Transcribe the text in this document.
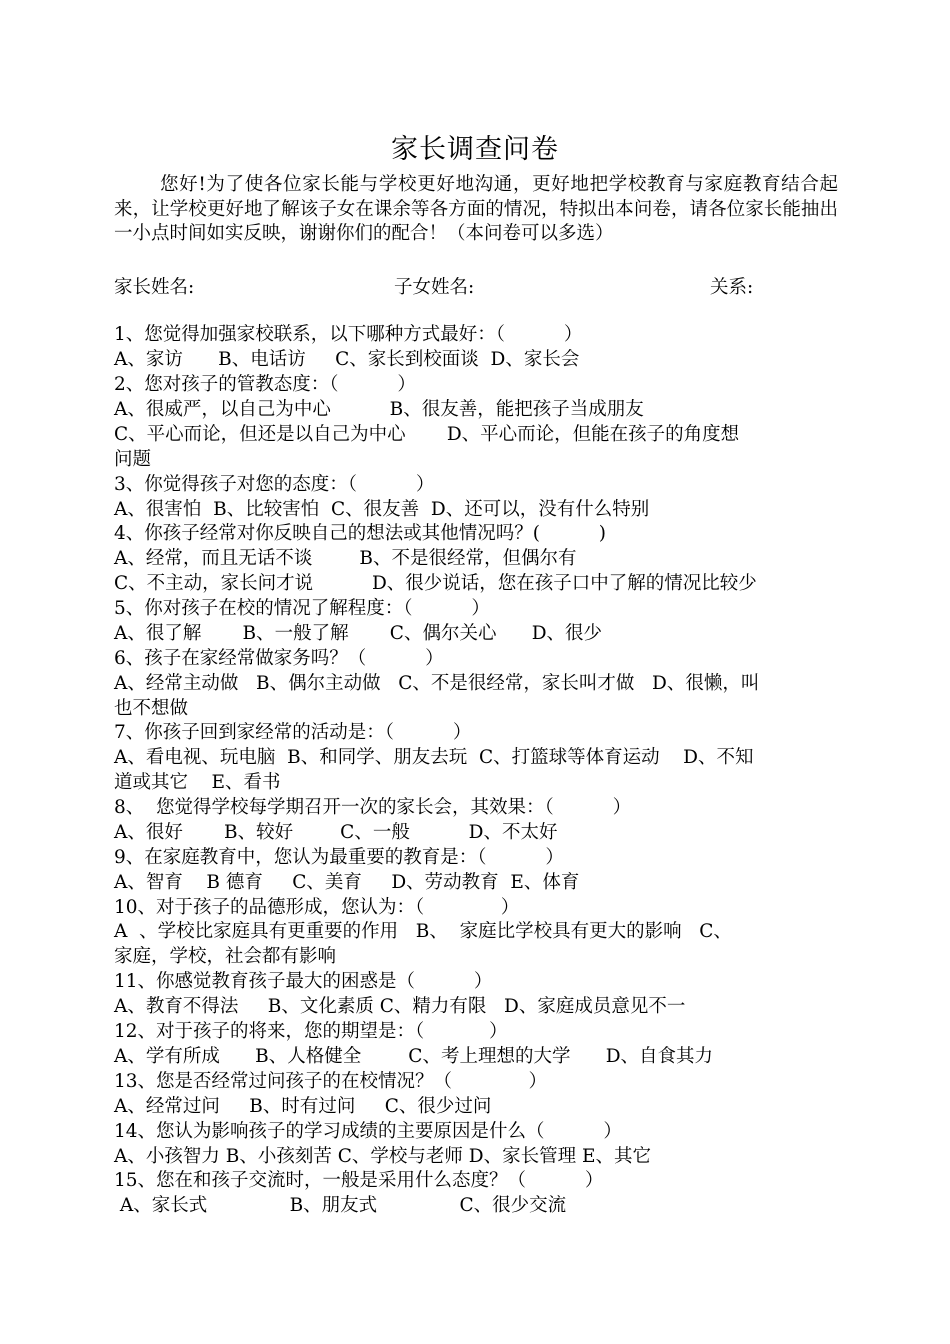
家长调查问卷
您好!为了使各位家长能与学校更好地沟通，更好地把学校教育与家庭教育结合起来，让学校更好地了解该子女在课余等各方面的情况，特拟出本问卷，请各位家长能抽出一小点时间如实反映，谢谢你们的配合！（本问卷可以多选）
家长姓名:	子女姓名:	关系:
1、您觉得加强家校联系，以下哪种方式最好：（          ）
A、家访      B、电话访     C、家长到校面谈  D、家长会
2、您对孩子的管教态度：（          ）
A、很威严，以自己为中心          B、很友善，能把孩子当成朋友
C、平心而论，但还是以自己为中心       D、平心而论，但能在孩子的角度想
问题
3、你觉得孩子对您的态度：（          ）
A、很害怕  B、比较害怕  C、很友善  D、还可以，没有什么特别
4、你孩子经常对你反映自己的想法或其他情况吗？(          )
A、经常，而且无话不谈        B、不是很经常，但偶尔有
C、不主动，家长问才说          D、很少说话，您在孩子口中了解的情况比较少
5、你对孩子在校的情况了解程度：（          ）
A、很了解       B、一般了解       C、偶尔关心      D、很少
6、孩子在家经常做家务吗？（          ）
A、经常主动做   B、偶尔主动做   C、不是很经常，家长叫才做   D、很懒，叫
也不想做
7、你孩子回到家经常的活动是：（          ）
A、看电视、玩电脑  B、和同学、朋友去玩  C、打篮球等体育运动    D、不知
道或其它    E、看书
8、  您觉得学校每学期召开一次的家长会，其效果：（          ）
A、很好       B、较好        C、一般          D、不太好
9、在家庭教育中，您认为最重要的教育是：（          ）
A、智育    B 德育     C、美育     D、劳动教育  E、体育
10、对于孩子的品德形成，您认为：（             ）
A  、学校比家庭具有更重要的作用   B、  家庭比学校具有更大的影响   C、
家庭，学校，社会都有影响
11、你感觉教育孩子最大的困惑是（          ）
A、教育不得法     B、文化素质 C、精力有限   D、家庭成员意见不一
12、对于孩子的将来，您的期望是：（           ）
A、学有所成      B、人格健全        C、考上理想的大学      D、自食其力
13、您是否经常过问孩子的在校情况？（             ）
A、经常过问     B、时有过问     C、很少过问
14、您认为影响孩子的学习成绩的主要原因是什么（          ）
A、小孩智力 B、小孩刻苦 C、学校与老师 D、家长管理 E、其它
15、您在和孩子交流时，一般是采用什么态度？（          ）
A、家长式              B、朋友式              C、很少交流
